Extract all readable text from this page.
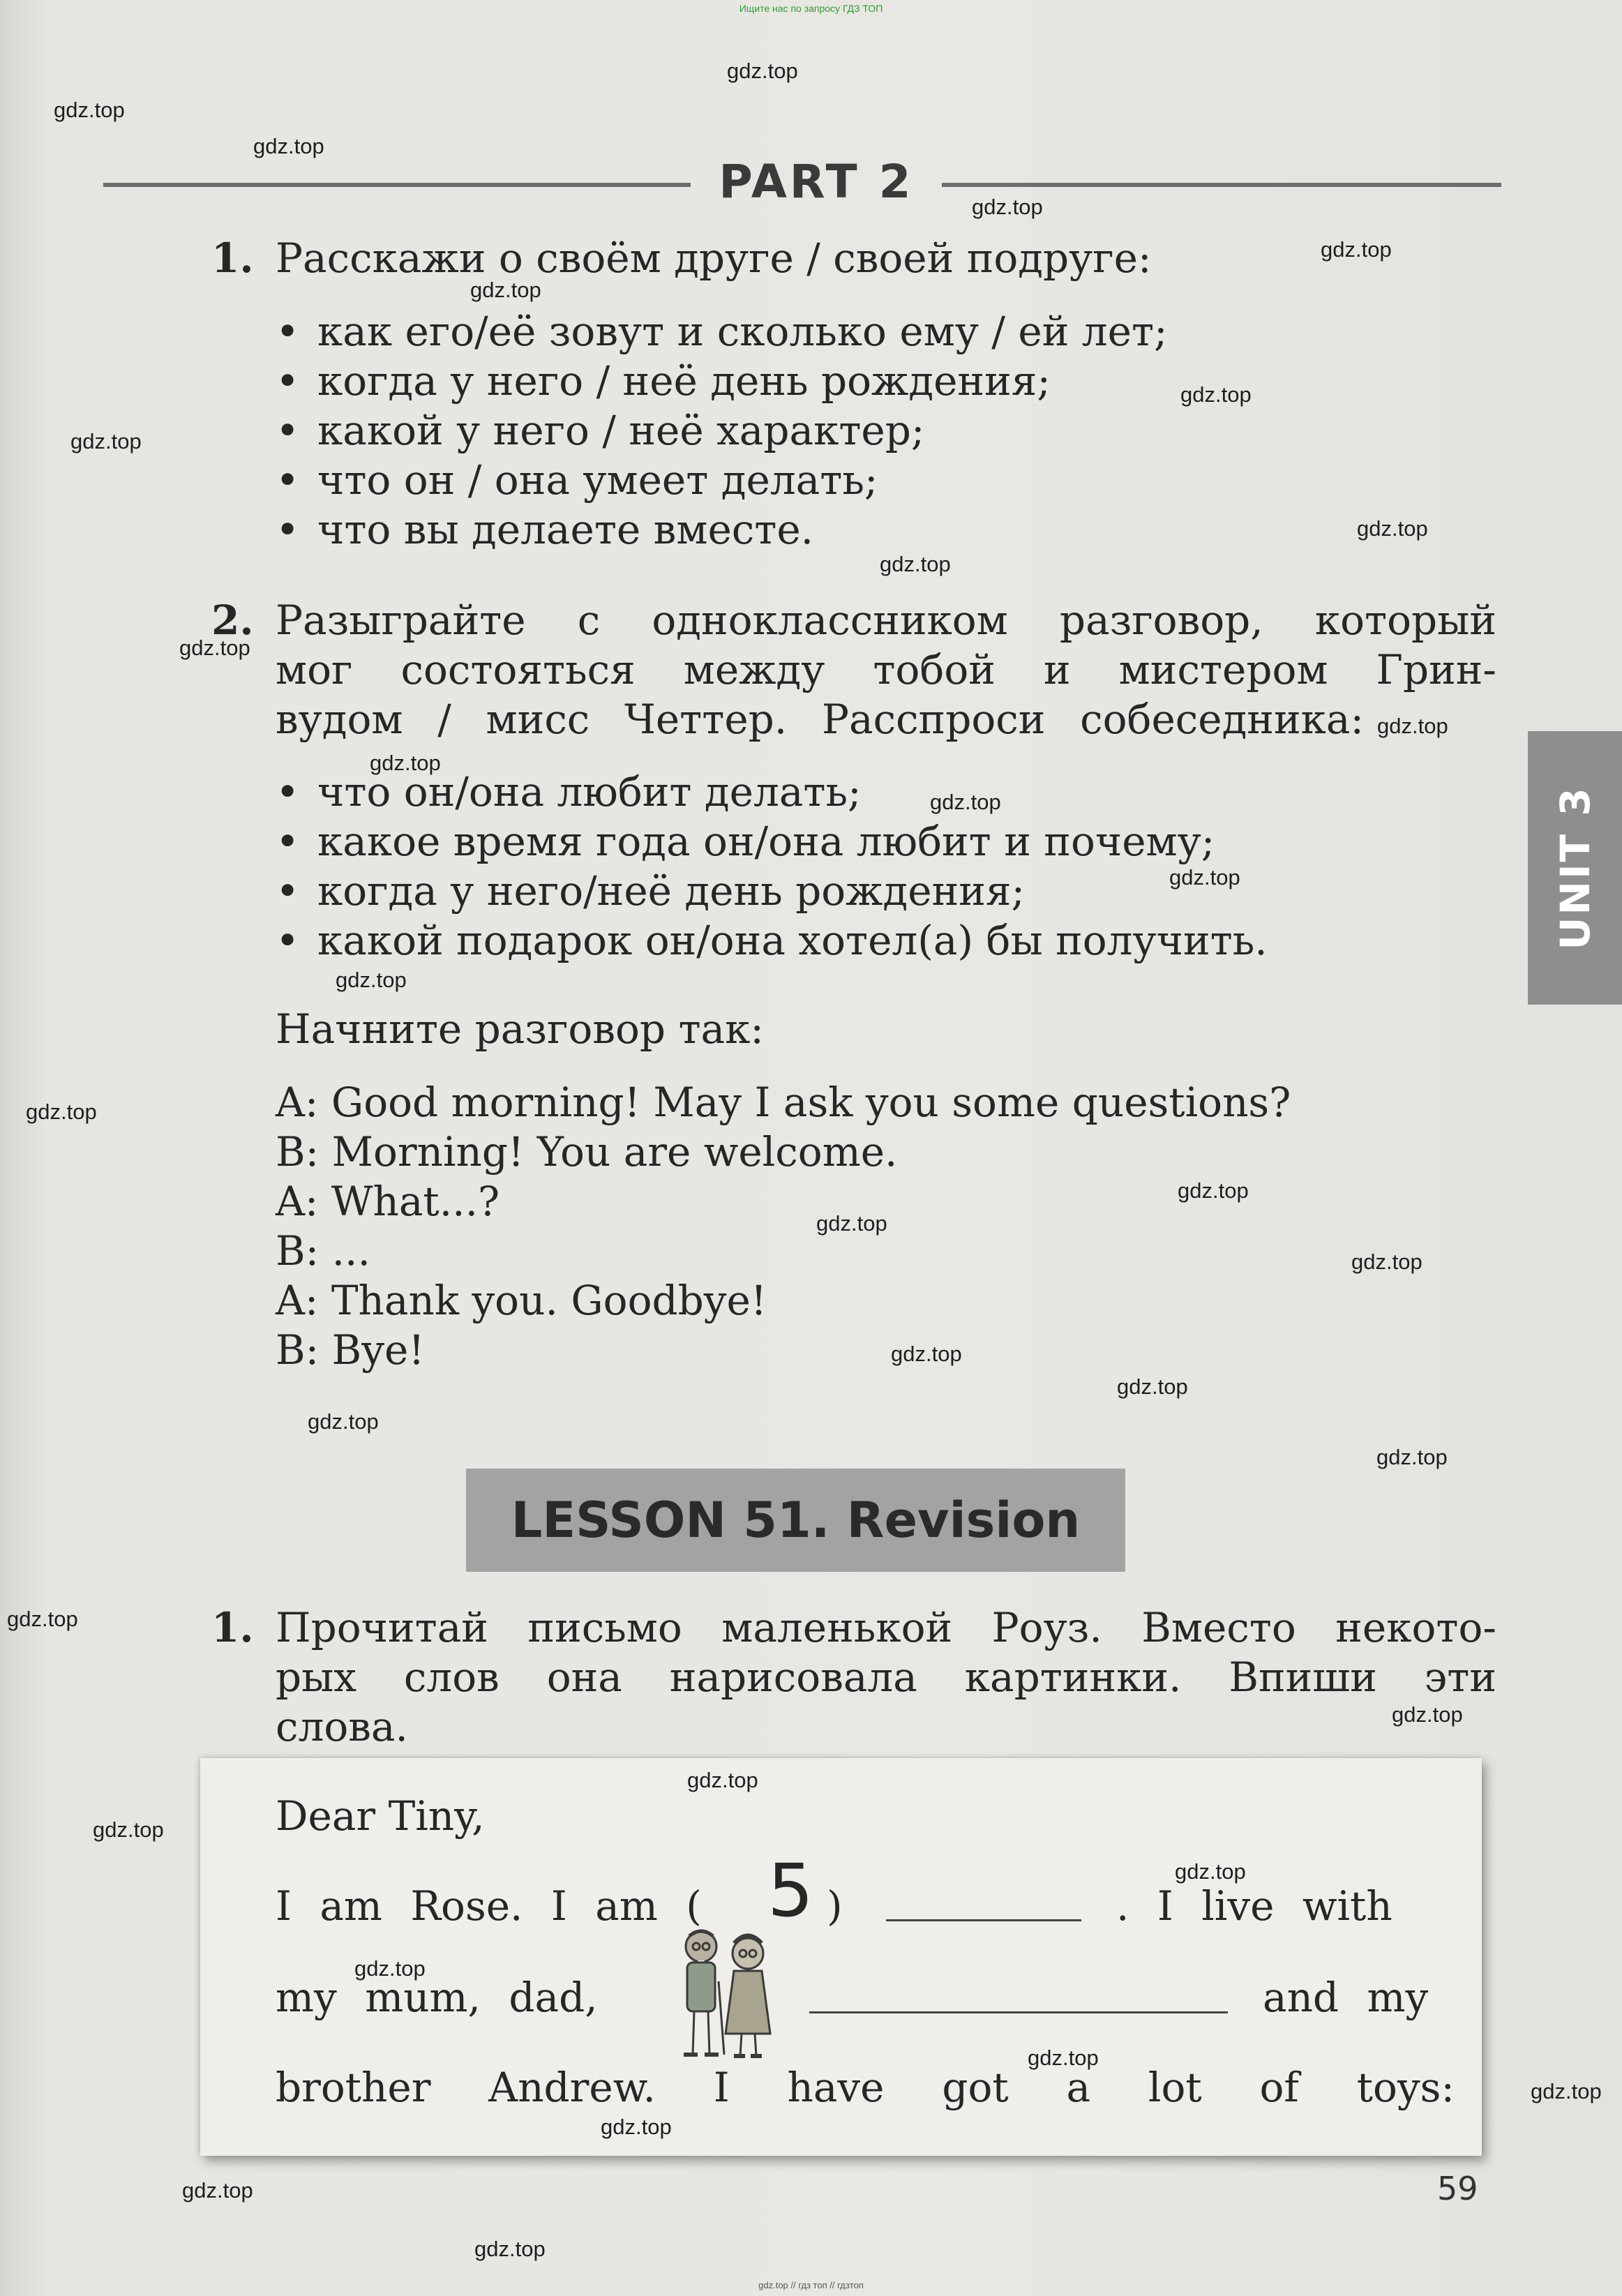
Ищите нас по запросу ГДЗ ТОП
PART 2
1. Расскажи о своём друге / своей подруге:
• как его/её зовут и сколько ему / ей лет;
• когда у него / неё день рождения;
• какой у него / неё характер;
• что он / она умеет делать;
• что вы делаете вместе.
2. Разыграйте с одноклассником разговор, который
мог состояться между тобой и мистером Грин-
вудом / мисс Четтер. Расспроси собеседника:
• что он/она любит делать;
• какое время года он/она любит и почему;
• когда у него/неё день рождения;
• какой подарок он/она хотел(а) бы получить.
Начните разговор так:
A: Good morning! May I ask you some questions?
B: Morning! You are welcome.
A: What...?
B: ...
A: Thank you. Goodbye!
B: Bye!
UNIT 3
LESSON 51. Revision
1. Прочитай письмо маленькой Роуз. Вместо некото-
рых слов она нарисовала картинки. Впиши эти
слова.
Dear Tiny,
I am Rose. I am ( 5 )	. I live with
my mum, dad,	and my
brother Andrew. I have got a lot of toys:
59
gdz.top
gdz.top
gdz.top
gdz.top
gdz.top
gdz.top
gdz.top
gdz.top
gdz.top
gdz.top
gdz.top
gdz.top
gdz.top
gdz.top
gdz.top
gdz.top
gdz.top
gdz.top
gdz.top
gdz.top
gdz.top
gdz.top
gdz.top
gdz.top
gdz.top
gdz.top
gdz.top
gdz.top
gdz.top
gdz.top
gdz.top
gdz.top
gdz.top
gdz.top
gdz.top
gdz.top // гдз топ // гдзтоп
